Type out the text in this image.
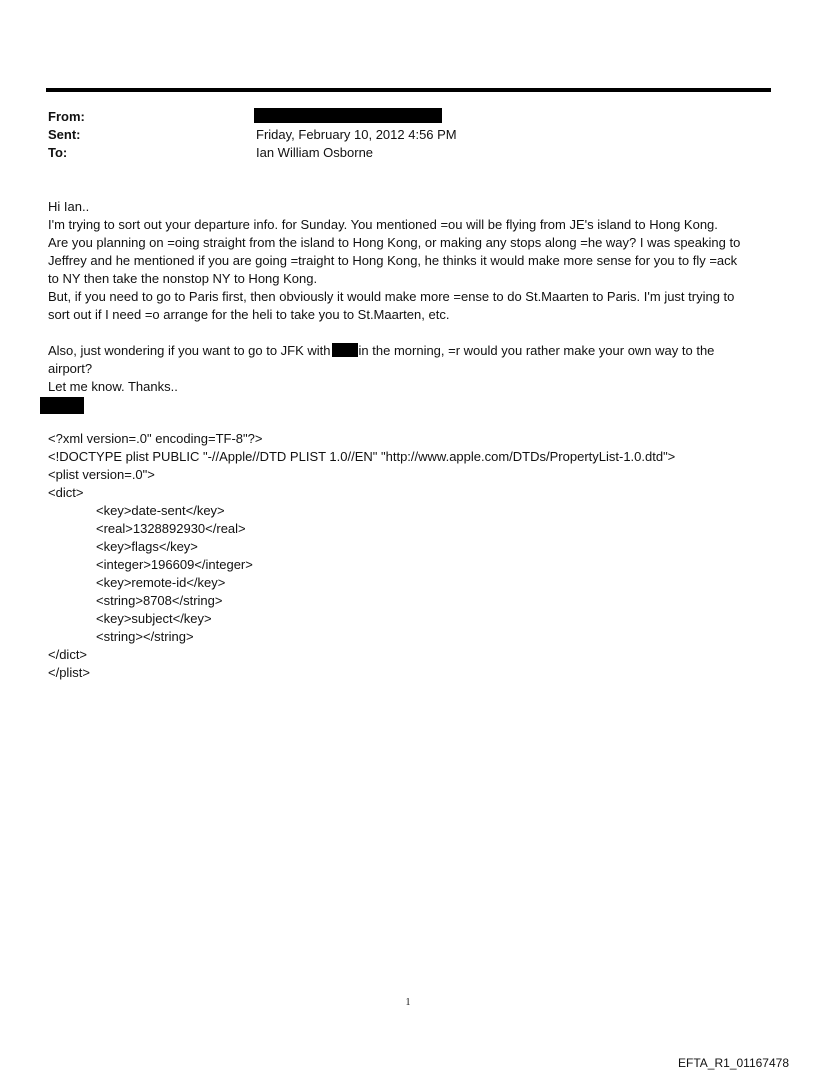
From:
Sent:	Friday, February 10, 2012 4:56 PM
To:	Ian William Osborne
Hi Ian..
I'm trying to sort out your departure info. for Sunday. You mentioned =ou will be flying from JE's island to Hong Kong.
Are you planning on =oing straight from the island to Hong Kong, or making any stops along =he way? I was speaking to
Jeffrey and he mentioned if you are going =traight to Hong Kong, he thinks it would make more sense for you to fly =ack
to NY then take the nonstop NY to Hong Kong.
But, if you need to go to Paris first, then obviously it would make more =ense to do St.Maarten to Paris. I'm just trying to
sort out if I need =o arrange for the heli to take you to St.Maarten, etc.

Also, just wondering if you want to go to JFK with in the morning, =r would you rather make your own way to the
airport?
Let me know. Thanks..
<?xml version=.0" encoding=TF-8"?>
<!DOCTYPE plist PUBLIC "-//Apple//DTD PLIST 1.0//EN" "http://www.apple.com/DTDs/PropertyList-1.0.dtd">
<plist version=.0">
<dict>
<key>date-sent</key>
<real>1328892930</real>
<key>flags</key>
<integer>196609</integer>
<key>remote-id</key>
<string>8708</string>
<key>subject</key>
<string></string>
</dict>
</plist>
1
EFTA_R1_01167478
